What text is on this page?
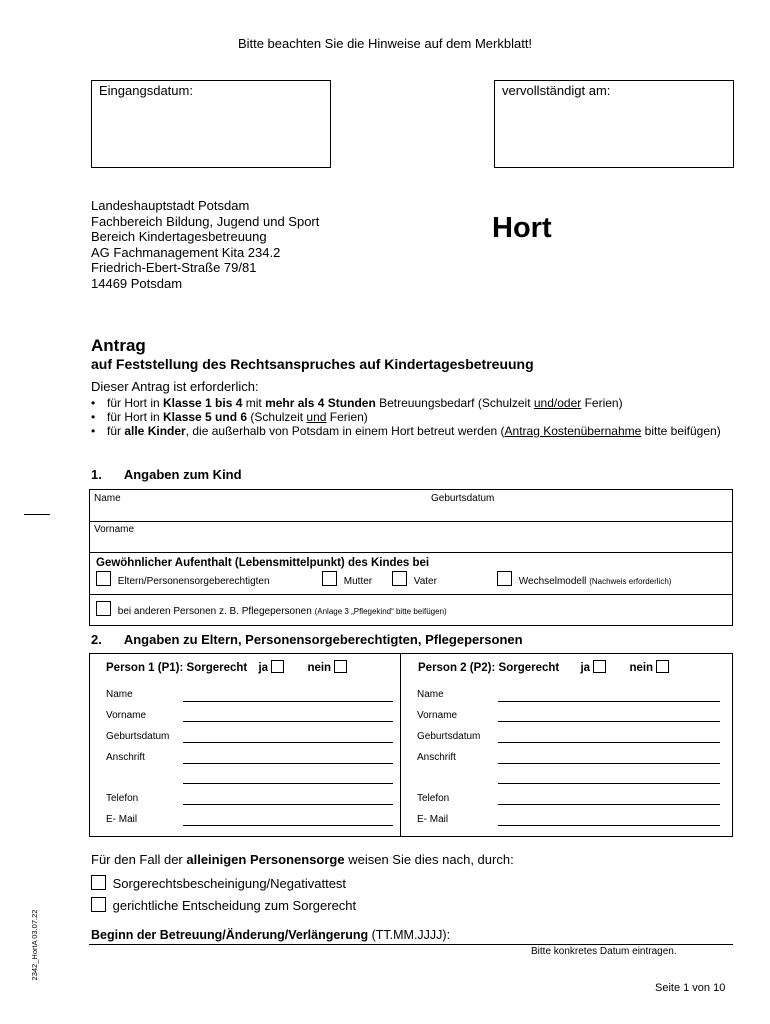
Bitte beachten Sie die Hinweise auf dem Merkblatt!
Eingangsdatum:	vervollständigt am:
Landeshauptstadt Potsdam
Fachbereich Bildung, Jugend und Sport
Bereich Kindertagesbetreuung
AG Fachmanagement Kita 234.2
Friedrich-Ebert-Straße 79/81
14469 Potsdam
Hort
Antrag
auf Feststellung des Rechtsanspruches auf Kindertagesbetreuung
Dieser Antrag ist erforderlich:
• für Hort in Klasse 1 bis 4 mit mehr als 4 Stunden Betreuungsbedarf (Schulzeit und/oder Ferien)
• für Hort in Klasse 5 und 6 (Schulzeit und Ferien)
• für alle Kinder, die außerhalb von Potsdam in einem Hort betreut werden (Antrag Kostenübernahme bitte beifügen)
1. Angaben zum Kind
Name	Geburtsdatum
Vorname
Gewöhnlicher Aufenthalt (Lebensmittelpunkt) des Kindes bei
Eltern/Personensorgeberechtigten	Mutter	Vater	Wechselmodell (Nachweis erforderlich)
bei anderen Personen z. B. Pflegepersonen (Anlage 3 „Pflegekind“ bitte beifügen)
2. Angaben zu Eltern, Personensorgeberechtigten, Pflegepersonen
Person 1 (P1): Sorgerecht ja	nein
Name
Vorname
Geburtsdatum
Anschrift
Telefon
E- Mail
Person 2 (P2): Sorgerecht ja	nein
Name
Vorname
Geburtsdatum
Anschrift
Telefon
E- Mail
Für den Fall der alleinigen Personensorge weisen Sie dies nach, durch:
Sorgerechtsbescheinigung/Negativattest
gerichtliche Entscheidung zum Sorgerecht
Beginn der Betreuung/Änderung/Verlängerung (TT.MM.JJJJ):
Bitte konkretes Datum eintragen.
2342_HortA 03.07.22
Seite 1 von 10
